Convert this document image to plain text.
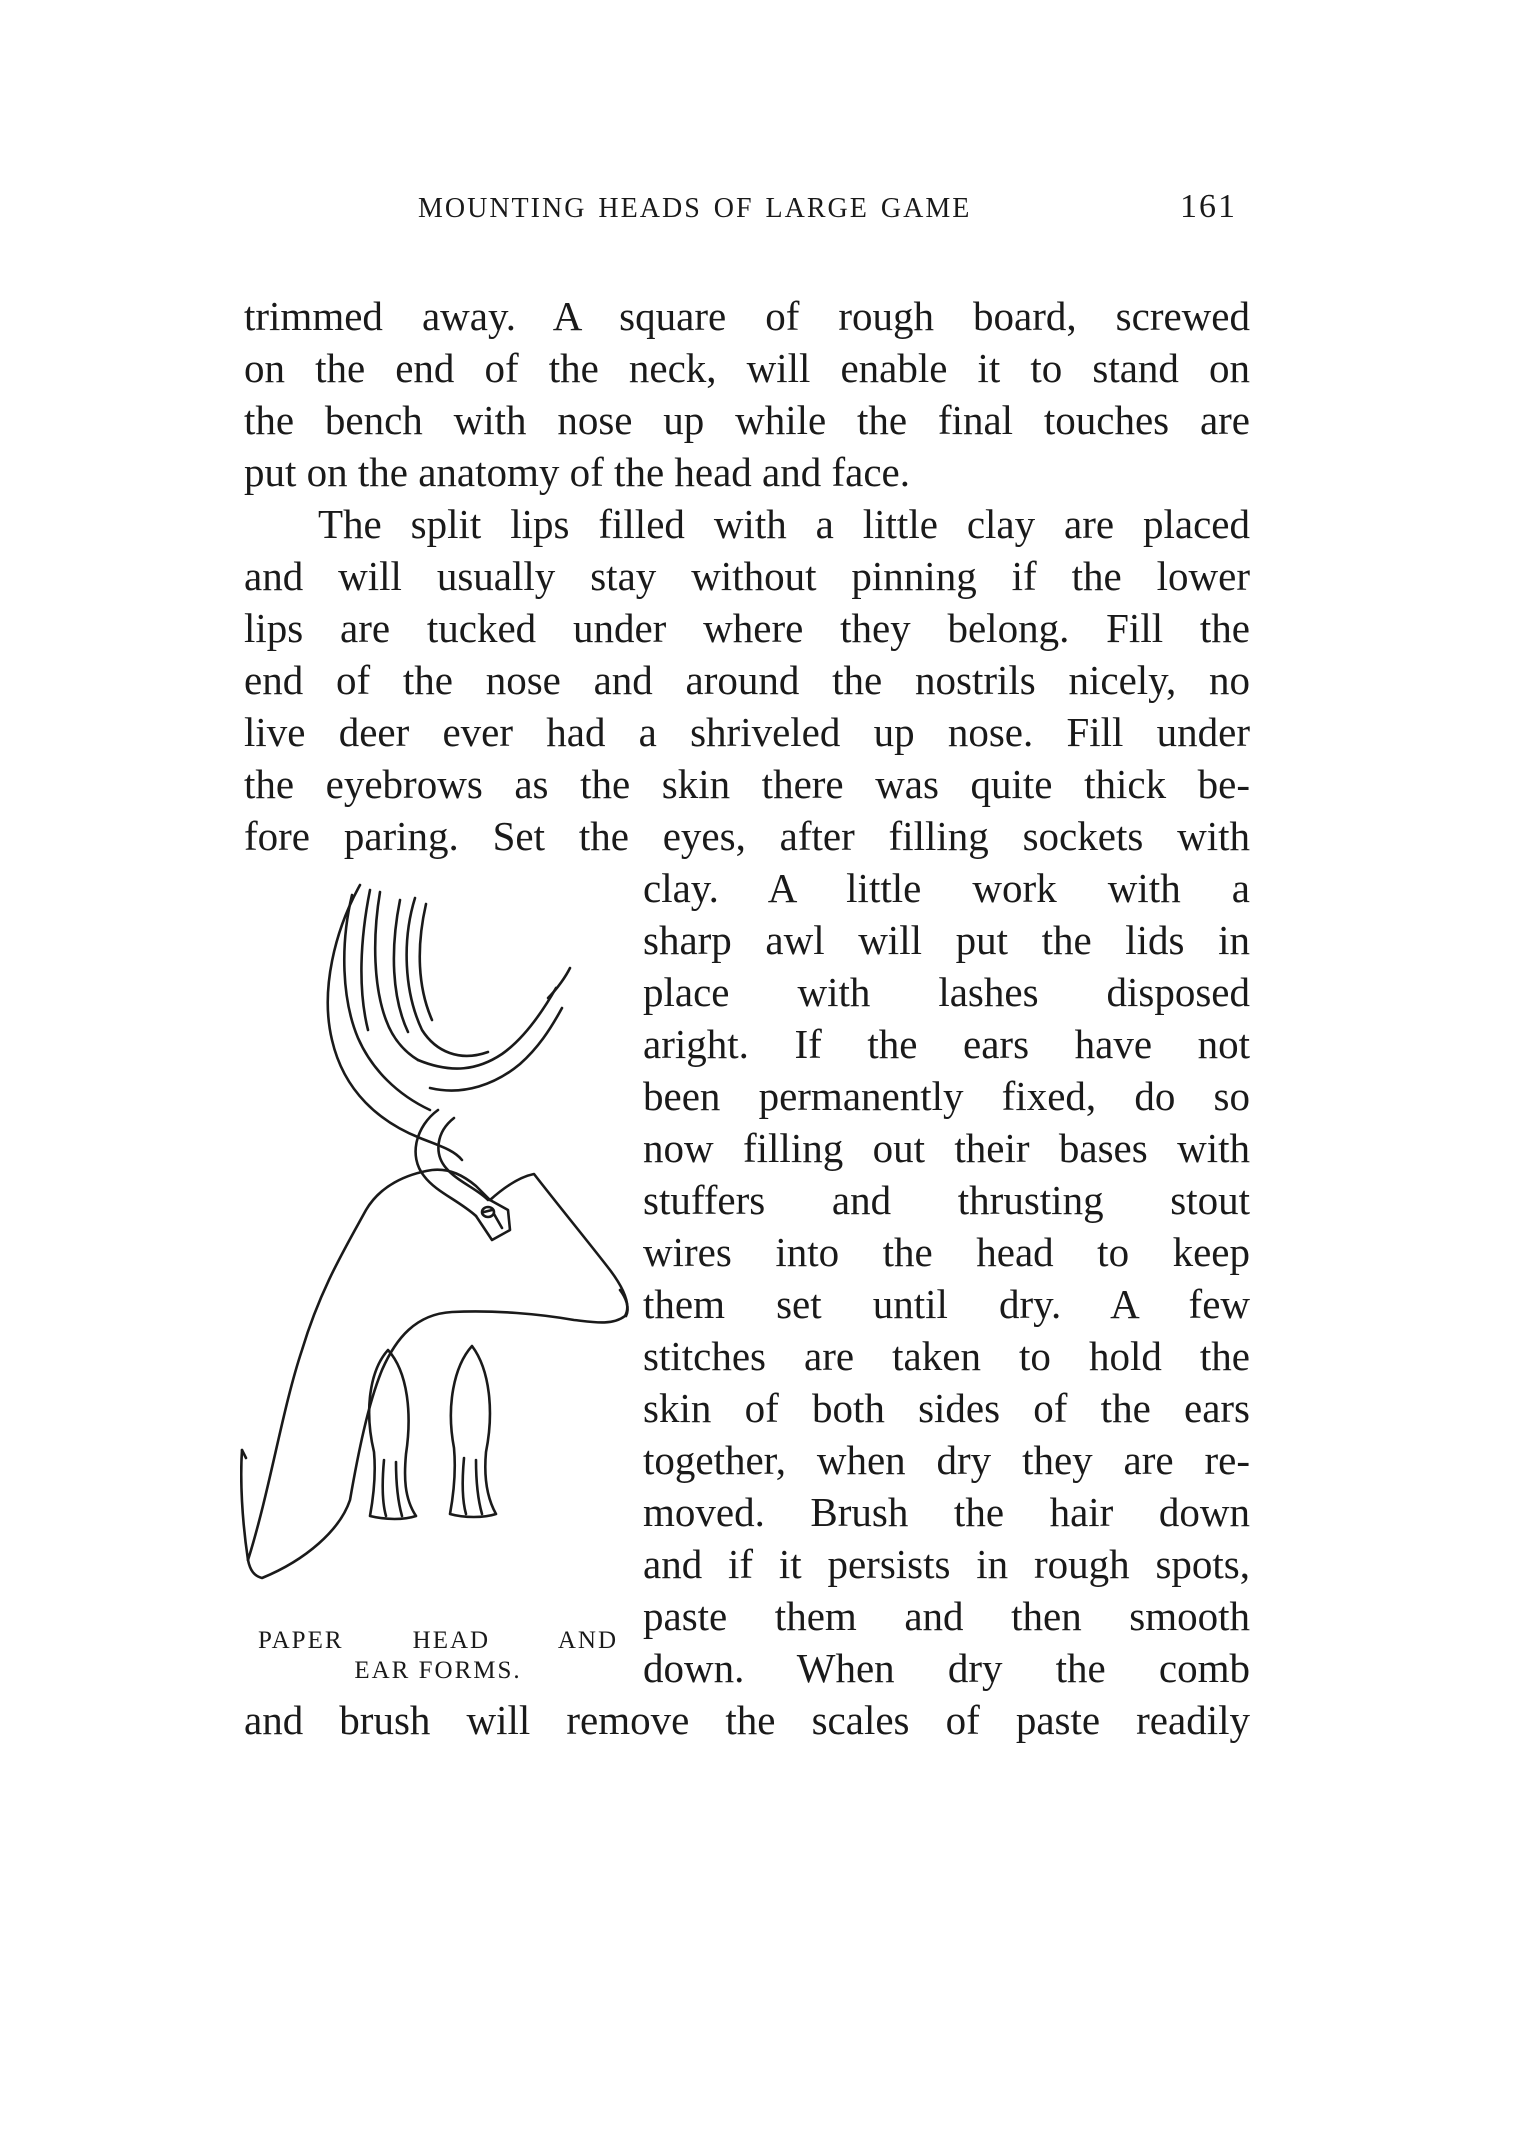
MOUNTING HEADS OF LARGE GAME	161
trimmed away. A square of rough board, screwed
on the end of the neck, will enable it to stand on
the bench with nose up while the final touches are
put on the anatomy of the head and face.
The split lips filled with a little clay are placed
and will usually stay without pinning if the lower
lips are tucked under where they belong. Fill the
end of the nose and around the nostrils nicely, no
live deer ever had a shriveled up nose. Fill under
the eyebrows as the skin there was quite thick be-
fore paring. Set the eyes, after filling sockets with
clay. A little work with a
sharp awl will put the lids in
place with lashes disposed
aright. If the ears have not
been permanently fixed, do so
now filling out their bases with
stuffers and thrusting stout
wires into the head to keep
them set until dry. A few
stitches are taken to hold the
skin of both sides of the ears
together, when dry they are re-
moved. Brush the hair down
and if it persists in rough spots,
paste them and then smooth
down. When dry the comb
and brush will remove the scales of paste readily
PAPER HEAD AND
EAR FORMS.
